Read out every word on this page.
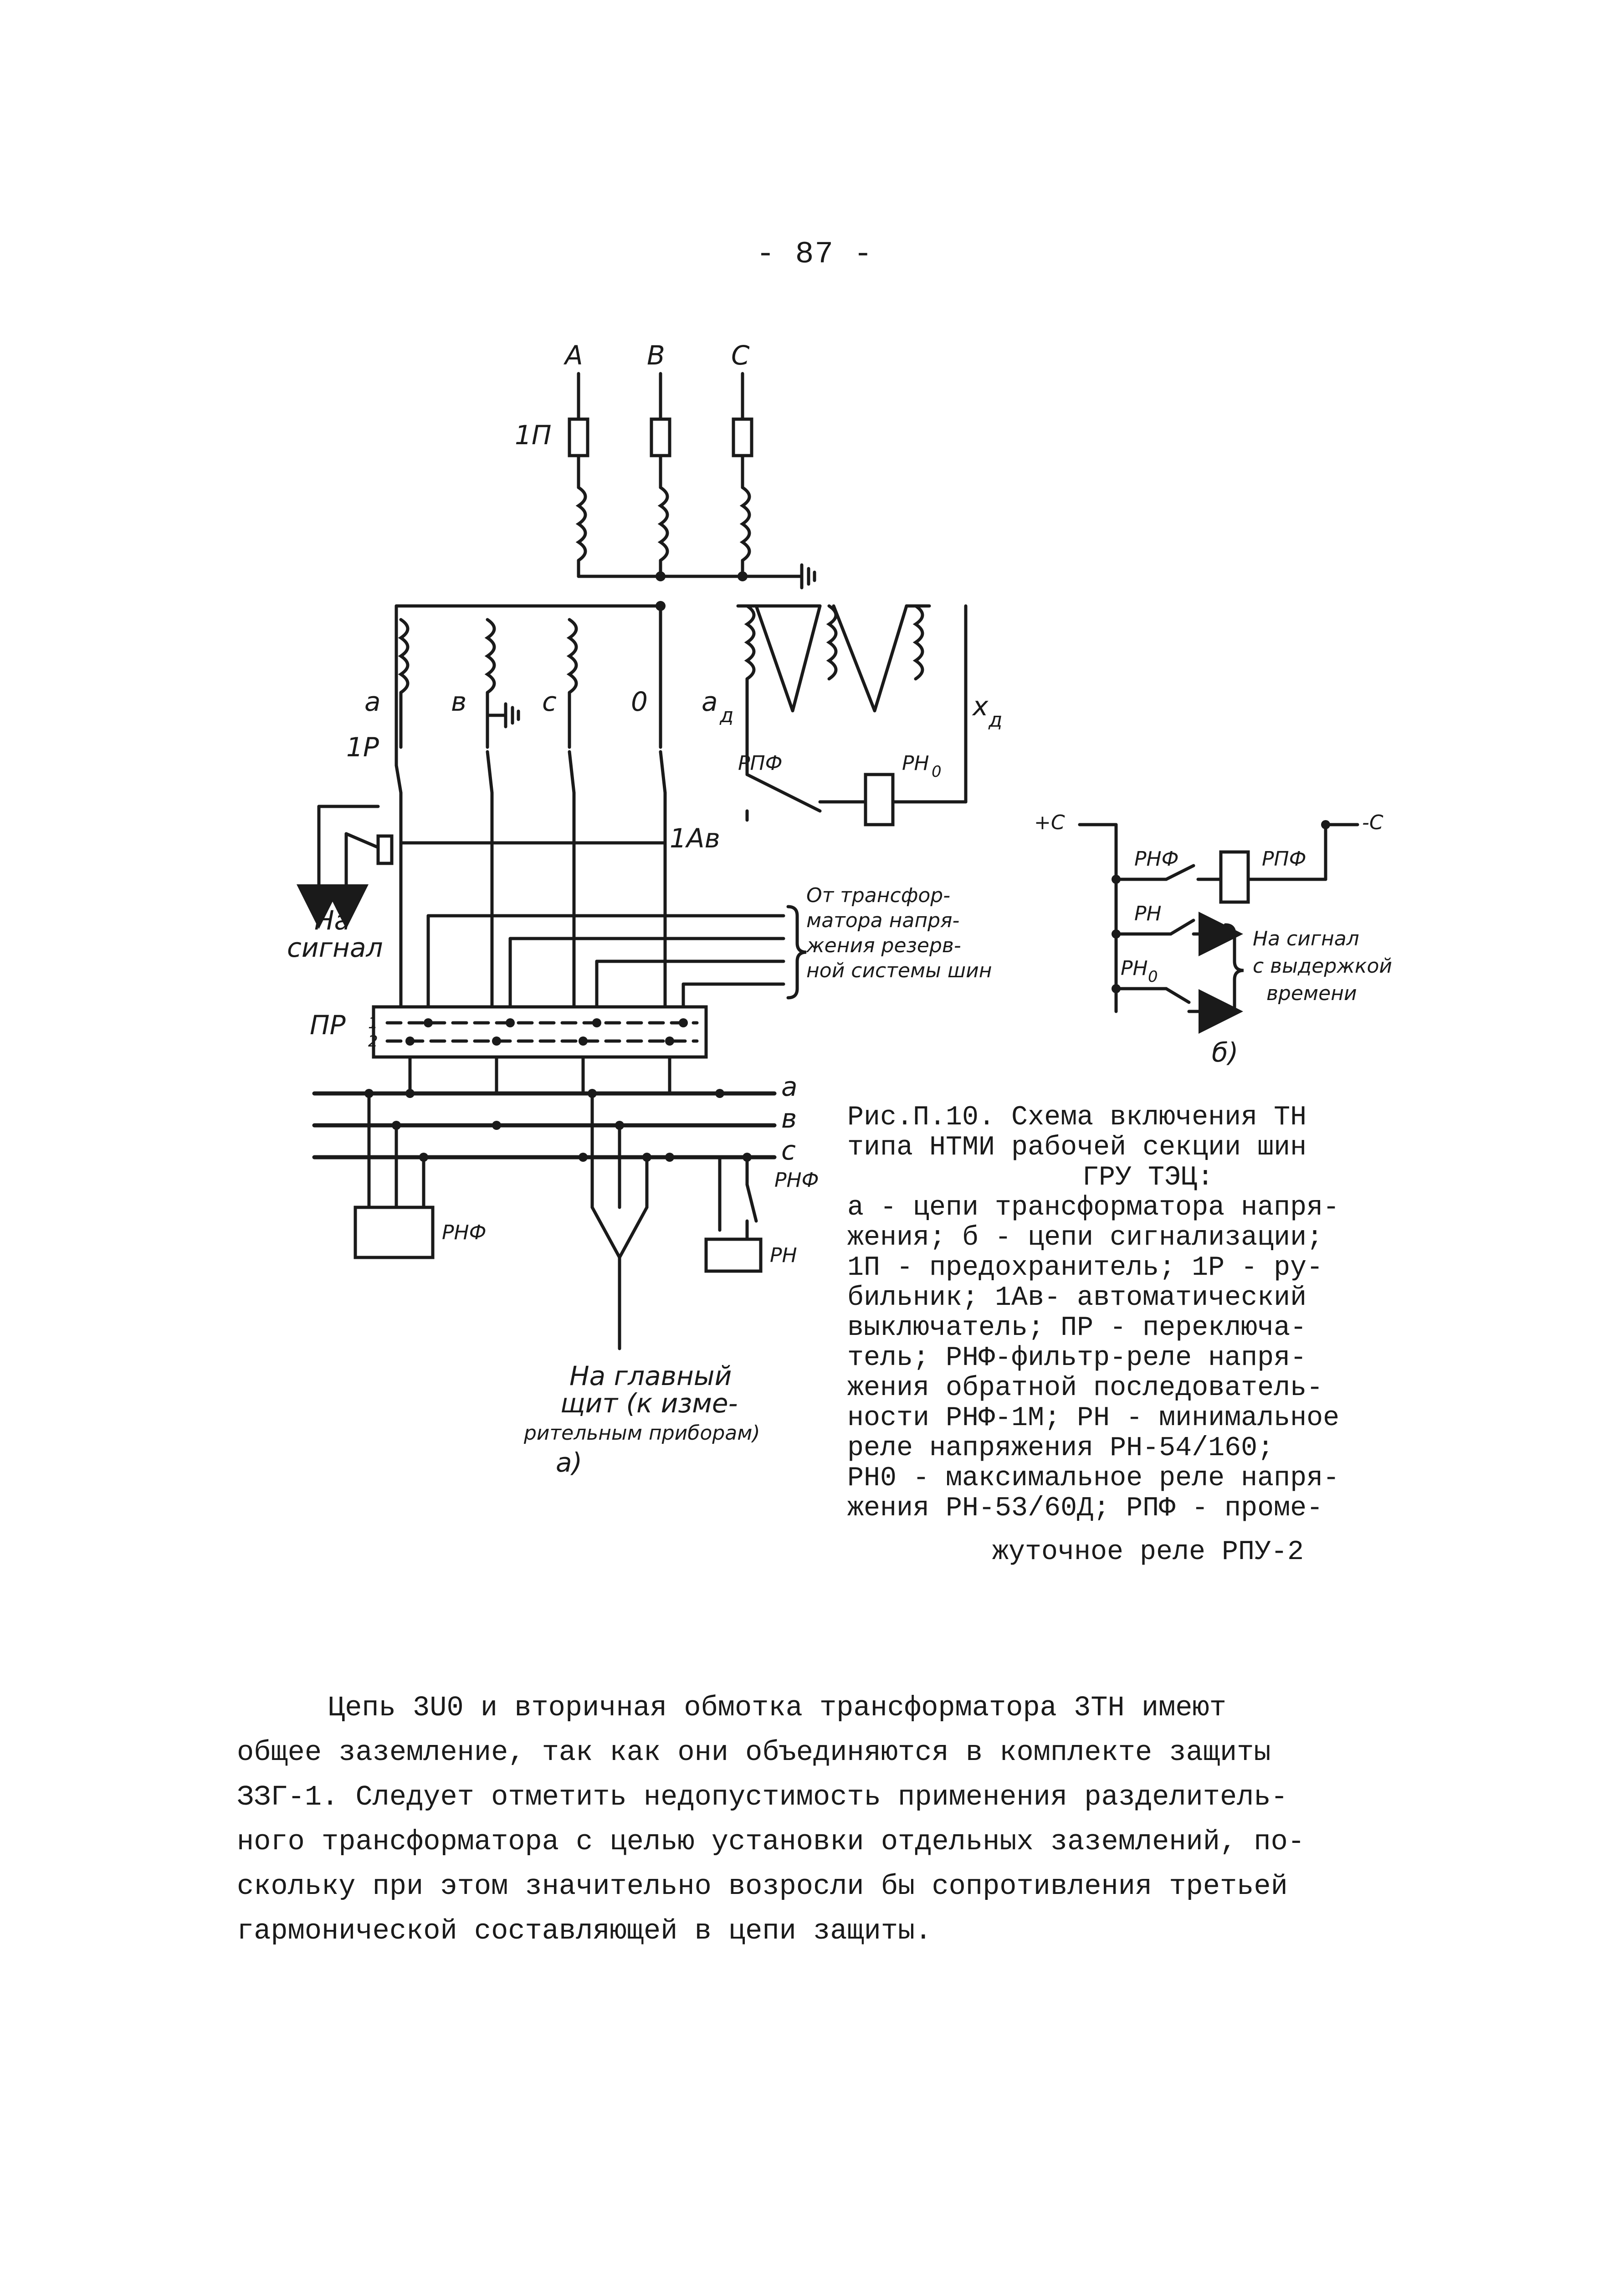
- 87 -
A B	C
1П
а	в	с	0 а д	х д
РПФ	РН 0
1Р
1Ав
На
сигнал
От трансфор-
матора напря-
жения резерв-
ной системы шин
ПР 1
2
а
в
с
РНФ
РНФ
РН
На главный
щит (к изме-
рительным приборам)
а)
б)
+С	-С
РНФ	РПФ
РН
РН 0
На сигнал
с выдержкой
времени
Рис.П.10. Схема включения ТН
типа НТМИ рабочей секции шин
ГРУ ТЭЦ:
а - цепи трансформатора напря-
жения; б - цепи сигнализации;
1П - предохранитель; 1Р - ру-
бильник; 1Ав- автоматический
выключатель; ПР - переключа-
тель; РНФ-фильтр-реле напря-
жения обратной последователь-
ности РНФ-1М; РН - минимальное
реле напряжения РН-54/160;
РН0 - максимальное реле напря-
жения РН-53/60Д; РПФ - проме-
жуточное реле РПУ-2
Цепь 3U0 и вторичная обмотка трансформатора 3ТН имеют
общее заземление, так как они объединяются в комплекте защиты
ЗЗГ-1. Следует отметить недопустимость применения разделитель-
ного трансформатора с целью установки отдельных заземлений, по-
скольку при этом значительно возросли бы сопротивления третьей
гармонической составляющей в цепи защиты.
